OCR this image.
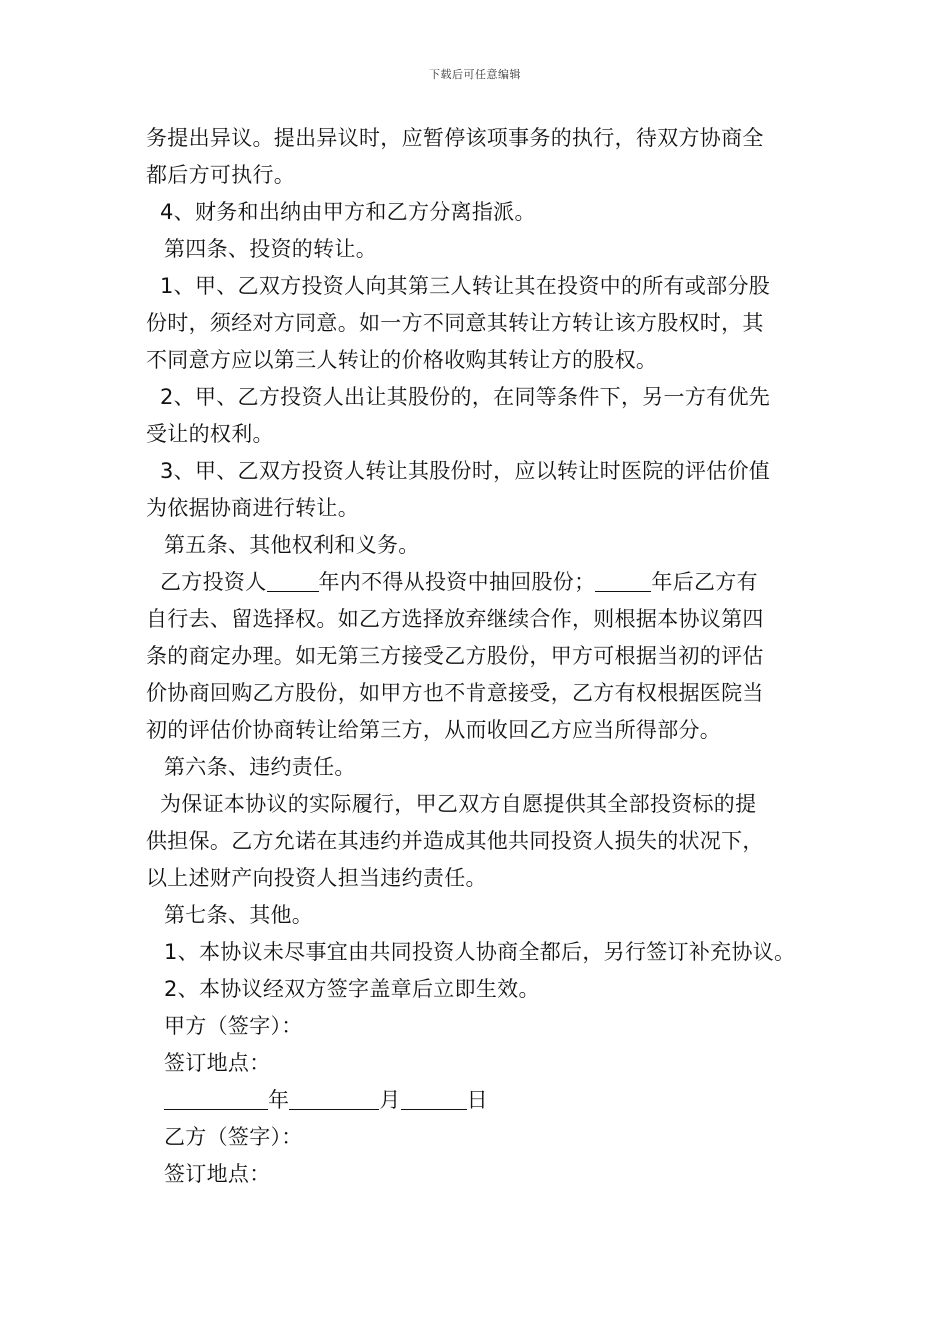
下载后可任意编辑
务提出异议。提出异议时，应暂停该项事务的执行，待双方协商全
都后方可执行。
4、财务和出纳由甲方和乙方分离指派。
第四条、投资的转让。
1、甲、乙双方投资人向其第三人转让其在投资中的所有或部分股
份时，须经对方同意。如一方不同意其转让方转让该方股权时，其
不同意方应以第三人转让的价格收购其转让方的股权。
2、甲、乙方投资人出让其股份的，在同等条件下，另一方有优先
受让的权利。
3、甲、乙双方投资人转让其股份时，应以转让时医院的评估价值
为依据协商进行转让。
第五条、其他权利和义务。
乙方投资人 年内不得从投资中抽回股份；	年后乙方有
自行去、留选择权。如乙方选择放弃继续合作，则根据本协议第四
条的商定办理。如无第三方接受乙方股份，甲方可根据当初的评估
价协商回购乙方股份，如甲方也不肯意接受，乙方有权根据医院当
初的评估价协商转让给第三方，从而收回乙方应当所得部分。
第六条、违约责任。
为保证本协议的实际履行，甲乙双方自愿提供其全部投资标的提
供担保。乙方允诺在其违约并造成其他共同投资人损失的状况下，
以上述财产向投资人担当违约责任。
第七条、其他。
1、本协议未尽事宜由共同投资人协商全都后，另行签订补充协议。
2、本协议经双方签字盖章后立即生效。
甲方（签字）：
签订地点：
年	月	日
乙方（签字）：
签订地点：
